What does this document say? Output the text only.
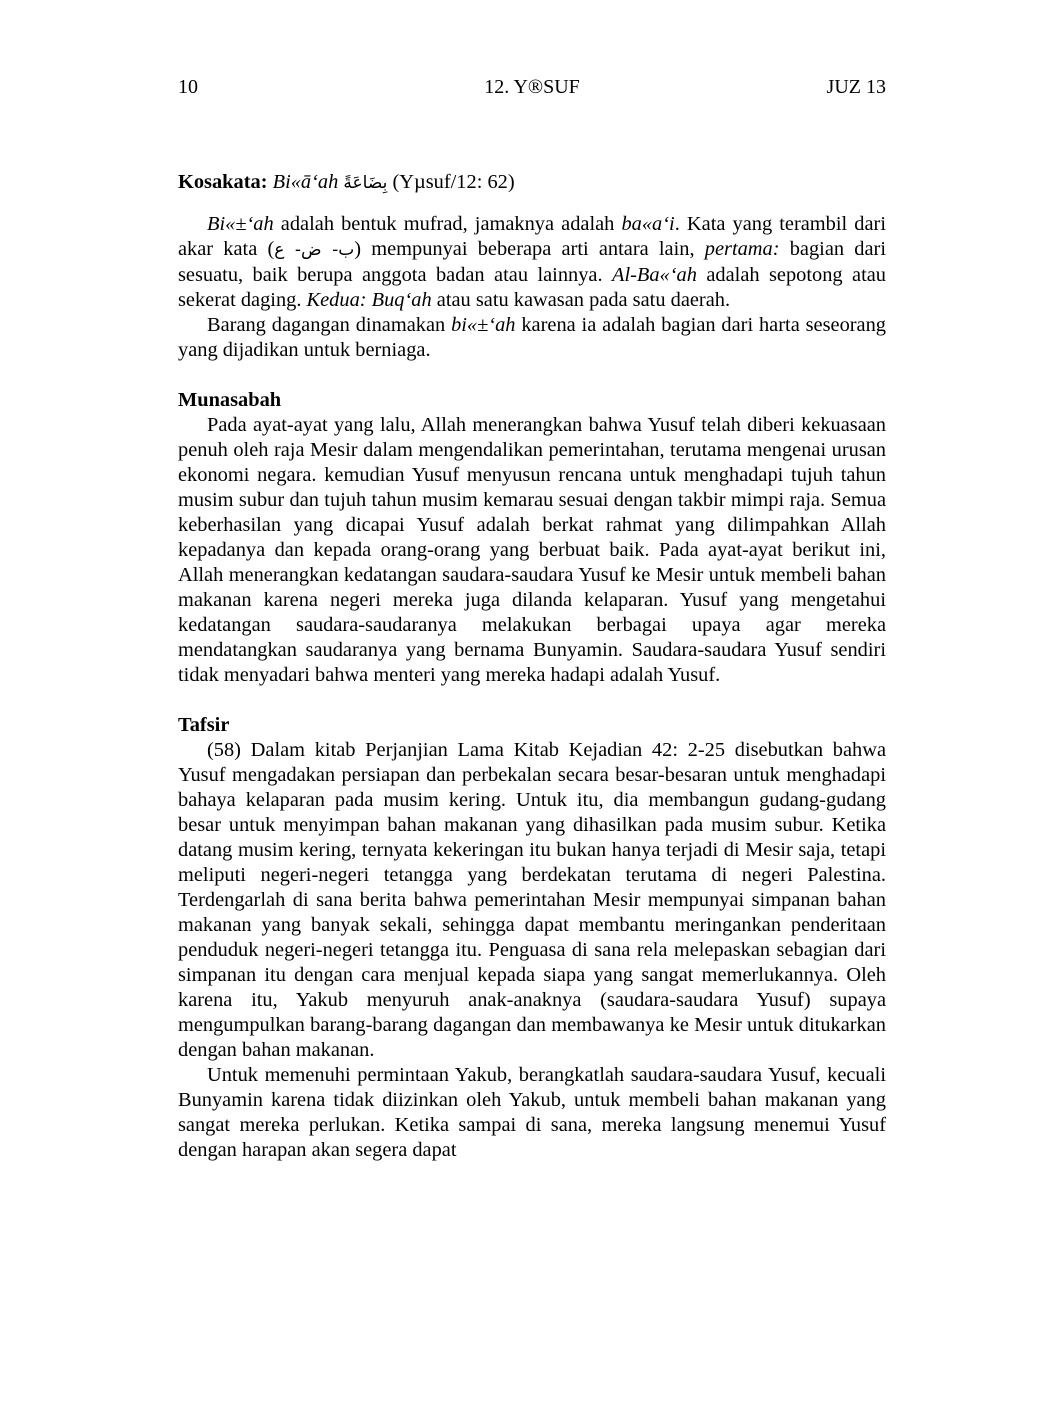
10	12. Y®SUF	JUZ 13

Kosakata: Bi«ā‘ah بِضَاعَةً (Yµsuf/12: 62)

Bi«±‘ah adalah bentuk mufrad, jamaknya adalah ba«a‘i. Kata yang terambil dari akar kata (ب- ض- ع) mempunyai beberapa arti antara lain, pertama: bagian dari sesuatu, baik berupa anggota badan atau lainnya. Al-Ba«‘ah adalah sepotong atau sekerat daging. Kedua: Buq‘ah atau satu kawasan pada satu daerah.

Barang dagangan dinamakan bi«±‘ah karena ia adalah bagian dari harta seseorang yang dijadikan untuk berniaga.

Munasabah

Pada ayat-ayat yang lalu, Allah menerangkan bahwa Yusuf telah diberi kekuasaan penuh oleh raja Mesir dalam mengendalikan pemerintahan, terutama mengenai urusan ekonomi negara. kemudian Yusuf menyusun rencana untuk menghadapi tujuh tahun musim subur dan tujuh tahun musim kemarau sesuai dengan takbir mimpi raja. Semua keberhasilan yang dicapai Yusuf adalah berkat rahmat yang dilimpahkan Allah kepadanya dan kepada orang-orang yang berbuat baik. Pada ayat-ayat berikut ini, Allah menerangkan kedatangan saudara-saudara Yusuf ke Mesir untuk membeli bahan makanan karena negeri mereka juga dilanda kelaparan. Yusuf yang mengetahui kedatangan saudara-saudaranya melakukan berbagai upaya agar mereka mendatangkan saudaranya yang bernama Bunyamin. Saudara-saudara Yusuf sendiri tidak menyadari bahwa menteri yang mereka hadapi adalah Yusuf.

Tafsir

(58) Dalam kitab Perjanjian Lama Kitab Kejadian 42: 2-25 disebutkan bahwa Yusuf mengadakan persiapan dan perbekalan secara besar-besaran untuk menghadapi bahaya kelaparan pada musim kering. Untuk itu, dia membangun gudang-gudang besar untuk menyimpan bahan makanan yang dihasilkan pada musim subur. Ketika datang musim kering, ternyata kekeringan itu bukan hanya terjadi di Mesir saja, tetapi meliputi negeri-negeri tetangga yang berdekatan terutama di negeri Palestina. Terdengarlah di sana berita bahwa pemerintahan Mesir mempunyai simpanan bahan makanan yang banyak sekali, sehingga dapat membantu meringankan penderitaan penduduk negeri-negeri tetangga itu. Penguasa di sana rela melepaskan sebagian dari simpanan itu dengan cara menjual kepada siapa yang sangat memerlukannya. Oleh karena itu, Yakub menyuruh anak-anaknya (saudara-saudara Yusuf) supaya mengumpulkan barang-barang dagangan dan membawanya ke Mesir untuk ditukarkan dengan bahan makanan.

Untuk memenuhi permintaan Yakub, berangkatlah saudara-saudara Yusuf, kecuali Bunyamin karena tidak diizinkan oleh Yakub, untuk membeli bahan makanan yang sangat mereka perlukan. Ketika sampai di sana, mereka langsung menemui Yusuf dengan harapan akan segera dapat
